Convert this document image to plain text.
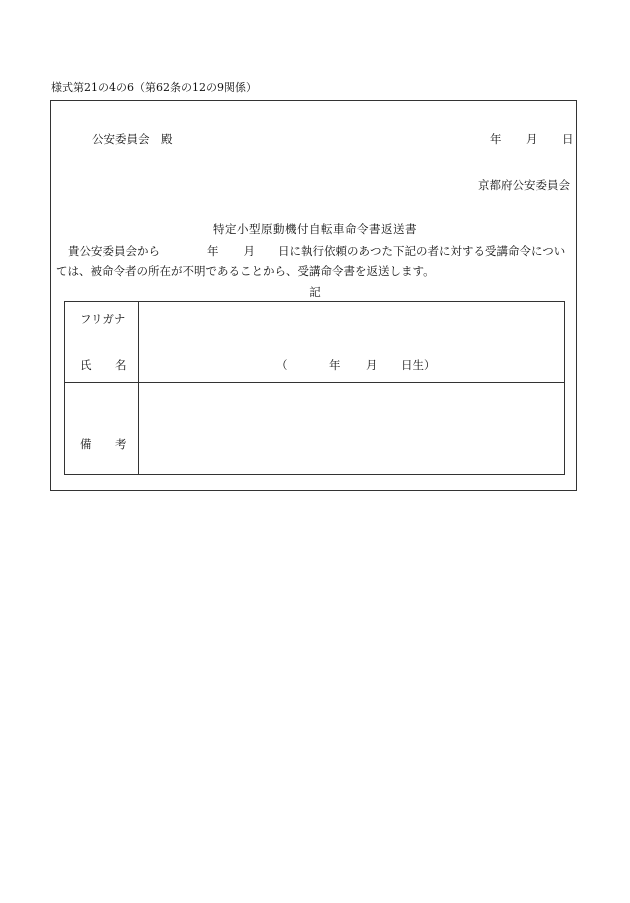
様式第21の4の6（第62条の12の9関係）
公安委員会　殿	年 月 日
京都府公安委員会
特定小型原動機付自転車命令書返送書
貴公安委員会から	年 月 日に執行依頼のあつた下記の者に対する受講命令につい
ては、被命令者の所在が不明であることから、受講命令書を返送します。
記
フリガナ
氏 名	（	年 月 日生）
備 考
